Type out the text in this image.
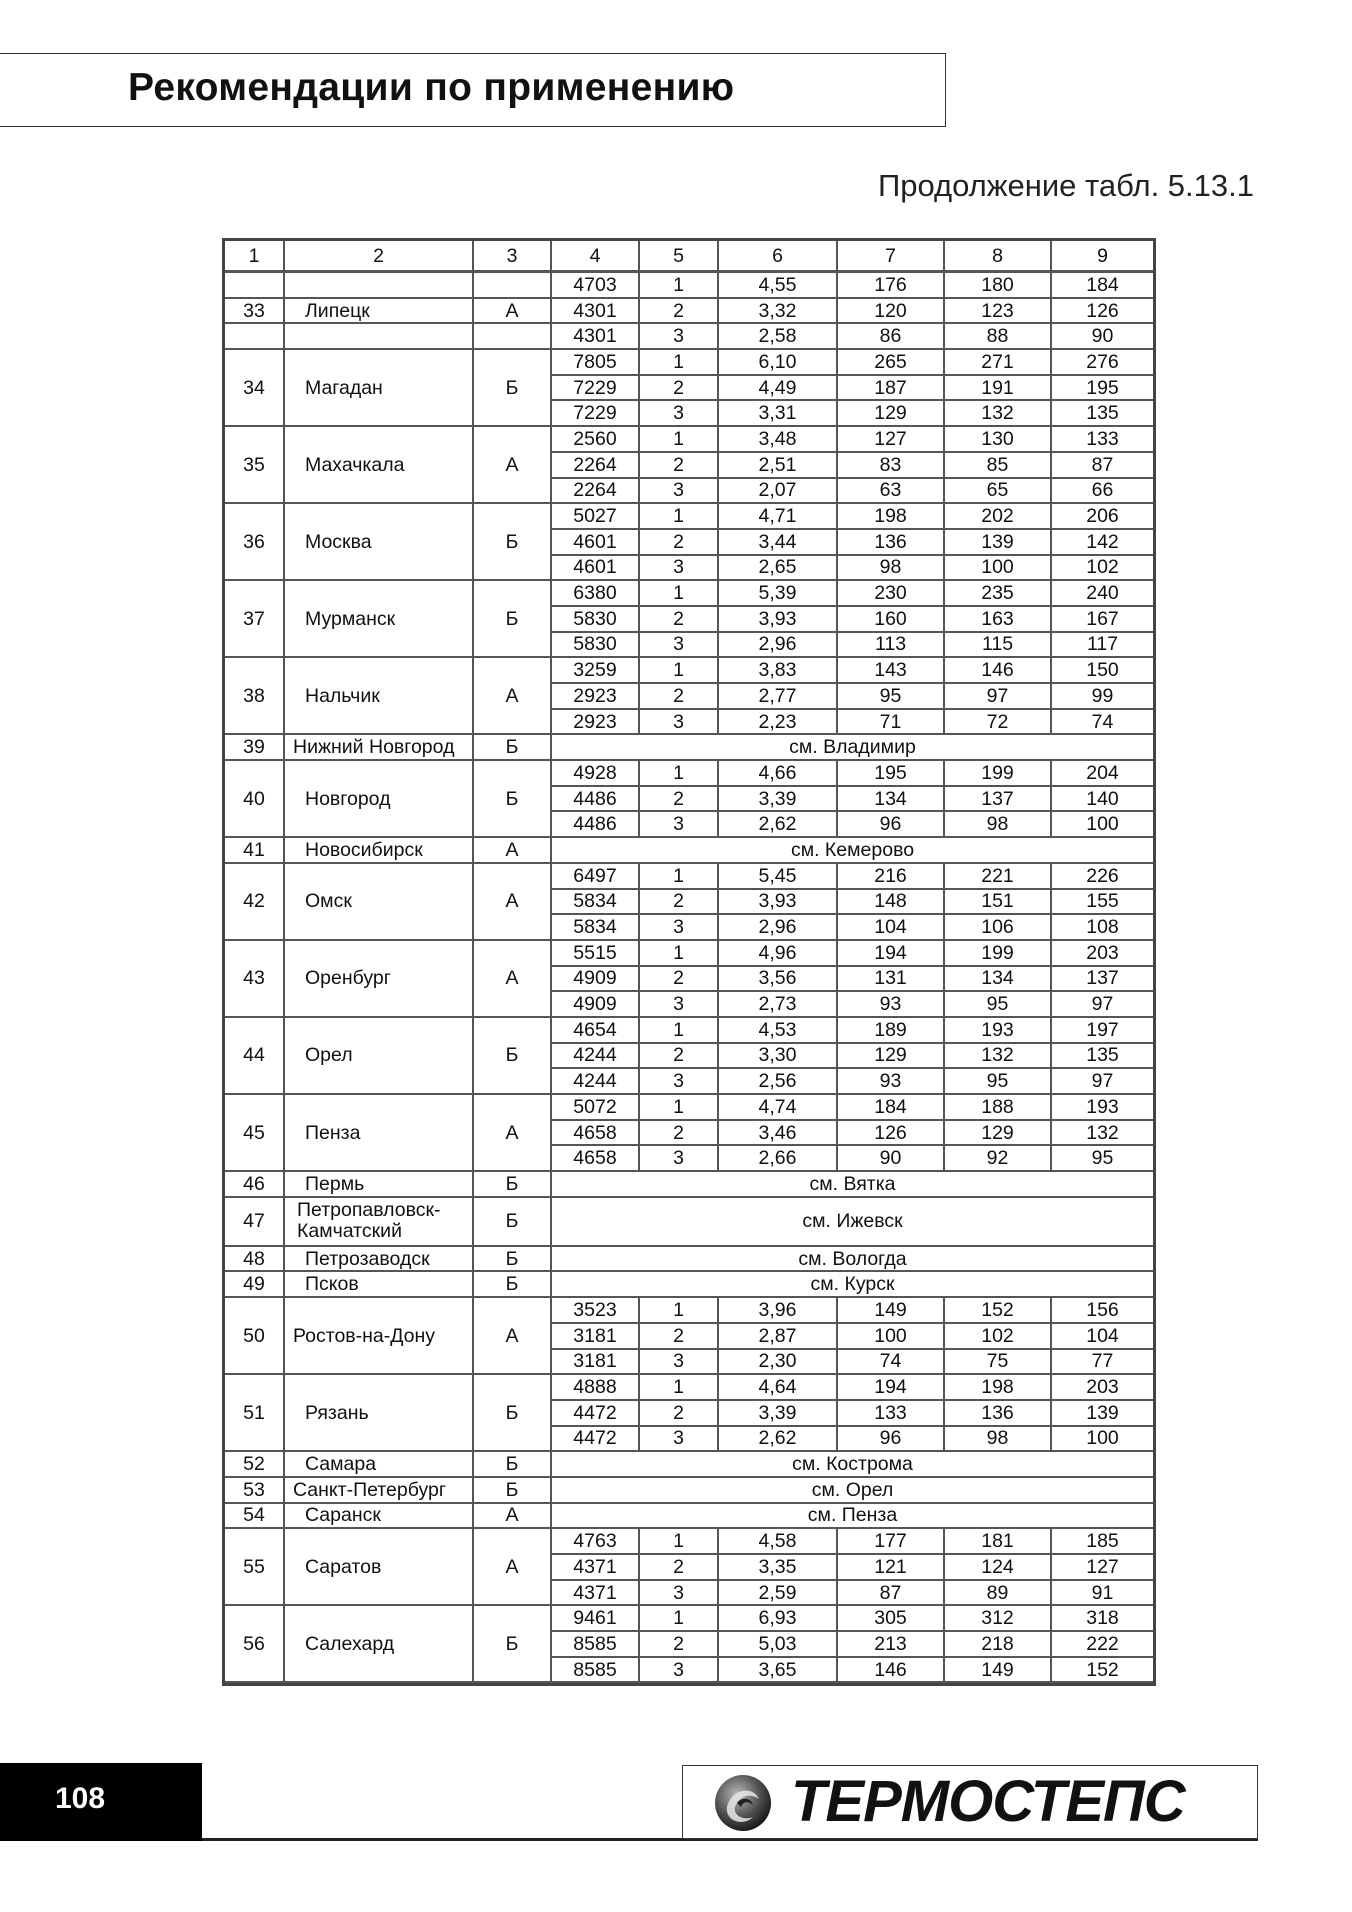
Рекомендации по применению
Продолжение табл. 5.13.1
1	2	3	4	5	6	7	8	9
			4703	1	4,55	176	180	184
33	Липецк	А	4301	2	3,32	120	123	126
			4301	3	2,58	86	88	90
34	Магадан	Б	7805	1	6,10	265	271	276
			7229	2	4,49	187	191	195
			7229	3	3,31	129	132	135
35	Махачкала	А	2560	1	3,48	127	130	133
			2264	2	2,51	83	85	87
			2264	3	2,07	63	65	66
36	Москва	Б	5027	1	4,71	198	202	206
			4601	2	3,44	136	139	142
			4601	3	2,65	98	100	102
37	Мурманск	Б	6380	1	5,39	230	235	240
			5830	2	3,93	160	163	167
			5830	3	2,96	113	115	117
38	Нальчик	А	3259	1	3,83	143	146	150
			2923	2	2,77	95	97	99
			2923	3	2,23	71	72	74
39	Нижний Новгород	Б	см. Владимир					
40	Новгород	Б	4928	1	4,66	195	199	204
			4486	2	3,39	134	137	140
			4486	3	2,62	96	98	100
41	Новосибирск	А	см. Кемерово					
42	Омск	А	6497	1	5,45	216	221	226
			5834	2	3,93	148	151	155
			5834	3	2,96	104	106	108
43	Оренбург	А	5515	1	4,96	194	199	203
			4909	2	3,56	131	134	137
			4909	3	2,73	93	95	97
44	Орел	Б	4654	1	4,53	189	193	197
			4244	2	3,30	129	132	135
			4244	3	2,56	93	95	97
45	Пенза	А	5072	1	4,74	184	188	193
			4658	2	3,46	126	129	132
			4658	3	2,66	90	92	95
46	Пермь	Б	см. Вятка					
47	Петропавловск-Камчатский	Б	см. Ижевск					
48	Петрозаводск	Б	см. Вологда					
49	Псков	Б	см. Курск					
50	Ростов-на-Дону	А	3523	1	3,96	149	152	156
			3181	2	2,87	100	102	104
			3181	3	2,30	74	75	77
51	Рязань	Б	4888	1	4,64	194	198	203
			4472	2	3,39	133	136	139
			4472	3	2,62	96	98	100
52	Самара	Б	см. Кострома					
53	Санкт-Петербург	Б	см. Орел					
54	Саранск	А	см. Пенза					
55	Саратов	А	4763	1	4,58	177	181	185
			4371	2	3,35	121	124	127
			4371	3	2,59	87	89	91
56	Салехард	Б	9461	1	6,93	305	312	318
			8585	2	5,03	213	218	222
			8585	3	3,65	146	149	152
108	ТЕРМОСТЕПС
